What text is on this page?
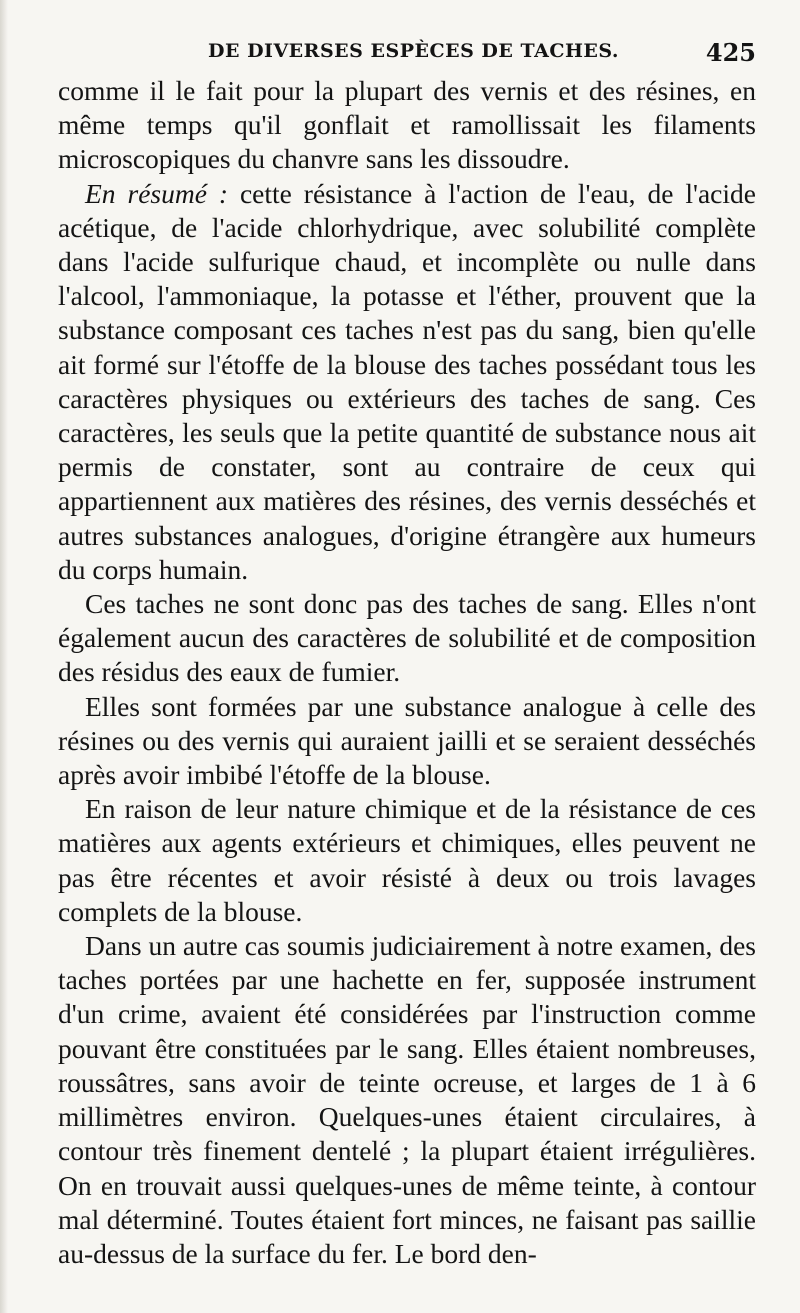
DE DIVERSES ESPÈCES DE TACHES.	425

comme il le fait pour la plupart des vernis et des résines, en même temps qu'il gonflait et ramollissait les filaments microscopiques du chanvre sans les dissoudre.

En résumé : cette résistance à l'action de l'eau, de l'acide acétique, de l'acide chlorhydrique, avec solubilité complète dans l'acide sulfurique chaud, et incomplète ou nulle dans l'alcool, l'ammoniaque, la potasse et l'éther, prouvent que la substance composant ces taches n'est pas du sang, bien qu'elle ait formé sur l'étoffe de la blouse des taches possédant tous les caractères physiques ou extérieurs des taches de sang. Ces caractères, les seuls que la petite quantité de substance nous ait permis de constater, sont au contraire de ceux qui appartiennent aux matières des résines, des vernis desséchés et autres substances analogues, d'origine étrangère aux humeurs du corps humain.

Ces taches ne sont donc pas des taches de sang. Elles n'ont également aucun des caractères de solubilité et de composition des résidus des eaux de fumier.

Elles sont formées par une substance analogue à celle des résines ou des vernis qui auraient jailli et se seraient desséchés après avoir imbibé l'étoffe de la blouse.

En raison de leur nature chimique et de la résistance de ces matières aux agents extérieurs et chimiques, elles peuvent ne pas être récentes et avoir résisté à deux ou trois lavages complets de la blouse.

Dans un autre cas soumis judiciairement à notre examen, des taches portées par une hachette en fer, supposée instrument d'un crime, avaient été considérées par l'instruction comme pouvant être constituées par le sang. Elles étaient nombreuses, roussâtres, sans avoir de teinte ocreuse, et larges de 1 à 6 millimètres environ. Quelques-unes étaient circulaires, à contour très finement dentelé ; la plupart étaient irrégulières. On en trouvait aussi quelques-unes de même teinte, à contour mal déterminé. Toutes étaient fort minces, ne faisant pas saillie au-dessus de la surface du fer. Le bord den-
